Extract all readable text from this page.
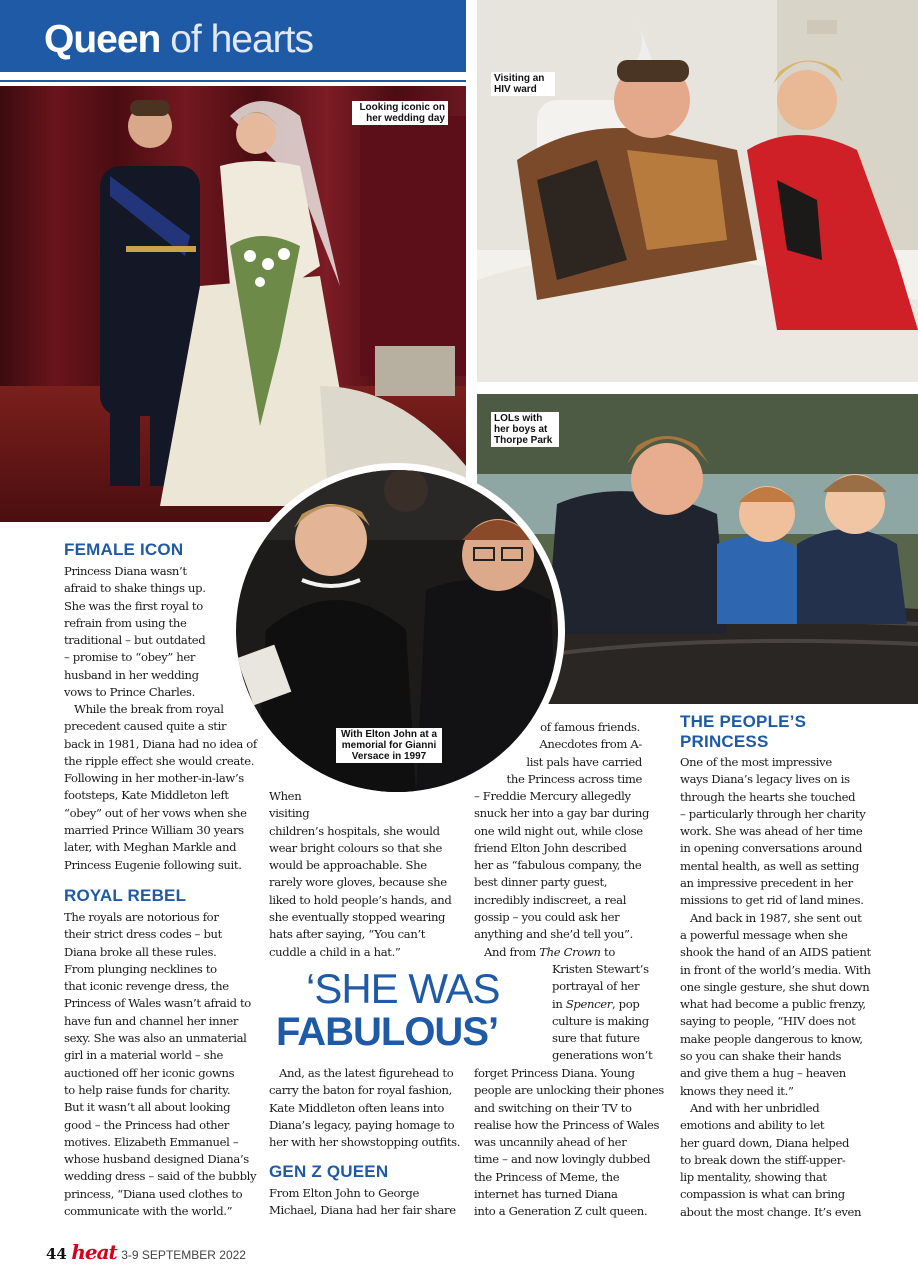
Queen of hearts
Looking iconic on
her wedding day
Visiting an
HIV ward
LOLs with
her boys at
Thorpe Park
With Elton John at a
memorial for Gianni
Versace in 1997
FEMALE ICON
Princess Diana wasn’t
afraid to shake things up.
She was the first royal to
refrain from using the
traditional – but outdated
– promise to “obey” her
husband in her wedding
vows to Prince Charles.
While the break from royal
precedent caused quite a stir
back in 1981, Diana had no idea of
the ripple effect she would create.
Following in her mother-in-law’s
footsteps, Kate Middleton left
“obey” out of her vows when she
married Prince William 30 years
later, with Meghan Markle and
Princess Eugenie following suit.
ROYAL REBEL
The royals are notorious for
their strict dress codes – but
Diana broke all these rules.
From plunging necklines to
that iconic revenge dress, the
Princess of Wales wasn’t afraid to
have fun and channel her inner
sexy. She was also an unmaterial
girl in a material world – she
auctioned off her iconic gowns
to help raise funds for charity.
But it wasn’t all about looking
good – the Princess had other
motives. Elizabeth Emmanuel –
whose husband designed Diana’s
wedding dress – said of the bubbly
princess, “Diana used clothes to
communicate with the world.”
When
visiting
children’s hospitals, she would
wear bright colours so that she
would be approachable. She
rarely wore gloves, because she
liked to hold people’s hands, and
she eventually stopped wearing
hats after saying, “You can’t
cuddle a child in a hat.”
‘SHE WAS
FABULOUS’
And, as the latest figurehead to
carry the baton for royal fashion,
Kate Middleton often leans into
Diana’s legacy, paying homage to
her with her showstopping outfits.
GEN Z QUEEN
From Elton John to George
Michael, Diana had her fair share
of famous friends.
Anecdotes from A-
list pals have carried
the Princess across time
– Freddie Mercury allegedly
snuck her into a gay bar during
one wild night out, while close
friend Elton John described
her as “fabulous company, the
best dinner party guest,
incredibly indiscreet, a real
gossip – you could ask her
anything and she’d tell you”.
And from The Crown to
Kristen Stewart’s
portrayal of her
in Spencer, pop
culture is making
sure that future
generations won’t
forget Princess Diana. Young
people are unlocking their phones
and switching on their TV to
realise how the Princess of Wales
was uncannily ahead of her
time – and now lovingly dubbed
the Princess of Meme, the
internet has turned Diana
into a Generation Z cult queen.
THE PEOPLE’S
PRINCESS
One of the most impressive
ways Diana’s legacy lives on is
through the hearts she touched
– particularly through her charity
work. She was ahead of her time
in opening conversations around
mental health, as well as setting
an impressive precedent in her
missions to get rid of land mines.
And back in 1987, she sent out
a powerful message when she
shook the hand of an AIDS patient
in front of the world’s media. With
one single gesture, she shut down
what had become a public frenzy,
saying to people, “HIV does not
make people dangerous to know,
so you can shake their hands
and give them a hug – heaven
knows they need it.”
And with her unbridled
emotions and ability to let
her guard down, Diana helped
to break down the stiff-upper-
lip mentality, showing that
compassion is what can bring
about the most change. It’s even
44 heat 3-9 SEPTEMBER 2022
